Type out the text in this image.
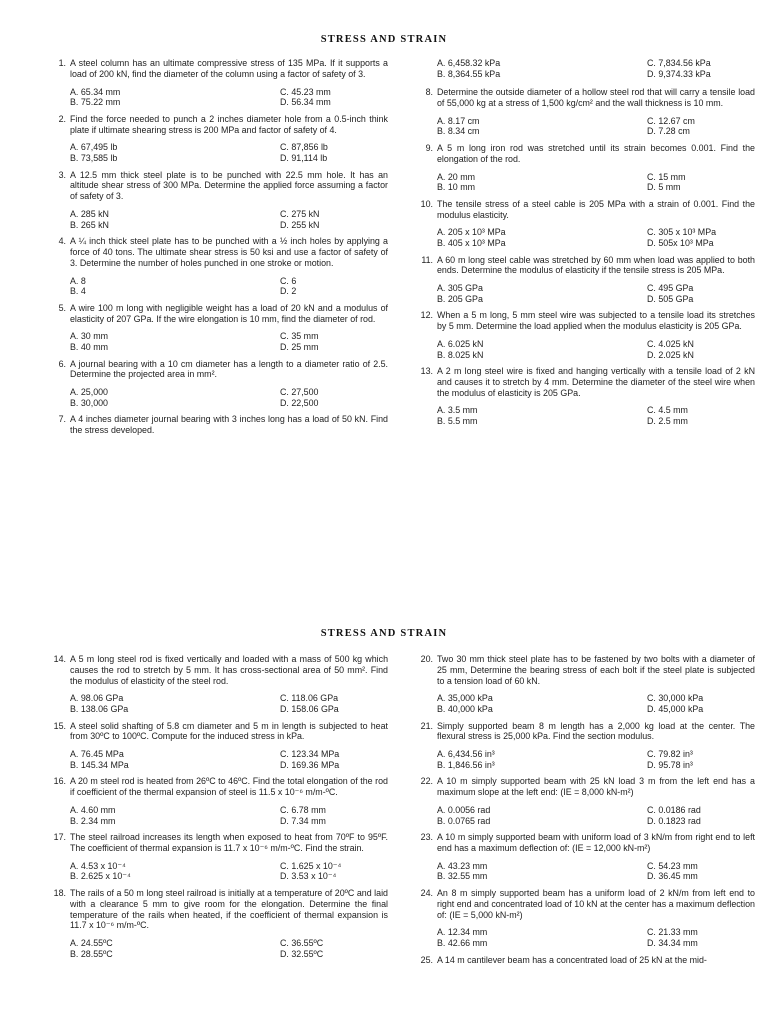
STRESS AND STRAIN
1. A steel column has an ultimate compressive stress of 135 MPa. If it supports a load of 200 kN, find the diameter of the column using a factor of safety of 3.
A. 65.34 mm	C. 45.23 mm
B. 75.22 mm	D. 56.34 mm
2. Find the force needed to punch a 2 inches diameter hole from a 0.5-inch think plate if ultimate shearing stress is 200 MPa and factor of safety of 4.
A. 67,495 lb	C. 87,856 lb
B. 73,585 lb	D. 91,114 lb
3. A 12.5 mm thick steel plate is to be punched with 22.5 mm hole. It has an altitude shear stress of 300 MPa. Determine the applied force assuming a factor of safety of 3.
A. 285 kN	C. 275 kN
B. 265 kN	D. 255 kN
4. A ¼ inch thick steel plate has to be punched with a ½ inch holes by applying a force of 40 tons. The ultimate shear stress is 50 ksi and use a factor of safety of 3. Determine the number of holes punched in one stroke or motion.
A. 8	C. 6
B. 4	D. 2
5. A wire 100 m long with negligible weight has a load of 20 kN and a modulus of elasticity of 207 GPa. If the wire elongation is 10 mm, find the diameter of rod.
A. 30 mm	C. 35 mm
B. 40 mm	D. 25 mm
6. A journal bearing with a 10 cm diameter has a length to a diameter ratio of 2.5. Determine the projected area in mm².
A. 25,000	C. 27,500
B. 30,000	D. 22,500
7. A 4 inches diameter journal bearing with 3 inches long has a load of 50 kN. Find the stress developed.
A. 6,458.32 kPa	C. 7,834.56 kPa
B. 8,364.55 kPa	D. 9,374.33 kPa
8. Determine the outside diameter of a hollow steel rod that will carry a tensile load of 55,000 kg at a stress of 1,500 kg/cm² and the wall thickness is 10 mm.
A. 8.17 cm	C. 12.67 cm
B. 8.34 cm	D. 7.28 cm
9. A 5 m long iron rod was stretched until its strain becomes 0.001. Find the elongation of the rod.
A. 20 mm	C. 15 mm
B. 10 mm	D. 5 mm
10. The tensile stress of a steel cable is 205 MPa with a strain of 0.001. Find the modulus elasticity.
A. 205 x 10³ MPa	C. 305 x 10³ MPa
B. 405 x 10³ MPa	D. 505x 10³ MPa
11. A 60 m long steel cable was stretched by 60 mm when load was applied to both ends. Determine the modulus of elasticity if the tensile stress is 205 MPa.
A. 305 GPa	C. 495 GPa
B. 205 GPa	D. 505 GPa
12. When a 5 m long, 5 mm steel wire was subjected to a tensile load its stretches by 5 mm. Determine the load applied when the modulus elasticity is 205 GPa.
A. 6.025 kN	C. 4.025 kN
B. 8.025 kN	D. 2.025 kN
13. A 2 m long steel wire is fixed and hanging vertically with a tensile load of 2 kN and causes it to stretch by 4 mm. Determine the diameter of the steel wire when the modulus of elasticity is 205 GPa.
A. 3.5 mm	C. 4.5 mm
B. 5.5 mm	D. 2.5 mm
STRESS AND STRAIN
14. A 5 m long steel rod is fixed vertically and loaded with a mass of 500 kg which causes the rod to stretch by 5 mm. It has cross-sectional area of 50 mm². Find the modulus of elasticity of the steel rod.
A. 98.06 GPa	C. 118.06 GPa
B. 138.06 GPa	D. 158.06 GPa
15. A steel solid shafting of 5.8 cm diameter and 5 m in length is subjected to heat from 30ºC to 100ºC. Compute for the induced stress in kPa.
A. 76.45 MPa	C. 123.34 MPa
B. 145.34 MPa	D. 169.36 MPa
16. A 20 m steel rod is heated from 26ºC to 46ºC. Find the total elongation of the rod if coefficient of the thermal expansion of steel is 11.5 x 10⁻⁶ m/m-ºC.
A. 4.60 mm	C. 6.78 mm
B. 2.34 mm	D. 7.34 mm
17. The steel railroad increases its length when exposed to heat from 70ºF to 95ºF. The coefficient of thermal expansion is 11.7 x 10⁻⁶ m/m-ºC. Find the strain.
A. 4.53 x 10⁻⁴	C. 1.625 x 10⁻⁴
B. 2.625 x 10⁻⁴	D. 3.53 x 10⁻⁴
18. The rails of a 50 m long steel railroad is initially at a temperature of 20ºC and laid with a clearance 5 mm to give room for the elongation. Determine the final temperature of the rails when heated, if the coefficient of thermal expansion is 11.7 x 10⁻⁶ m/m-ºC.
A. 24.55ºC	C. 36.55ºC
B. 28.55ºC	D. 32.55ºC
20. Two 30 mm thick steel plate has to be fastened by two bolts with a diameter of 25 mm, Determine the bearing stress of each bolt if the steel plate is subjected to a tension load of 60 kN.
A. 35,000 kPa	C. 30,000 kPa
B. 40,000 kPa	D. 45,000 kPa
21. Simply supported beam 8 m length has a 2,000 kg load at the center. The flexural stress is 25,000 kPa. Find the section modulus.
A. 6,434.56 in³	C. 79.82 in³
B. 1,846.56 in³	D. 95.78 in³
22. A 10 m simply supported beam with 25 kN load 3 m from the left end has a maximum slope at the left end: (IE = 8,000 kN-m²)
A. 0.0056 rad	C. 0.0186 rad
B. 0.0765 rad	D. 0.1823 rad
23. A 10 m simply supported beam with uniform load of 3 kN/m from right end to left end has a maximum deflection of: (IE = 12,000 kN-m²)
A. 43.23 mm	C. 54.23 mm
B. 32.55 mm	D. 36.45 mm
24. An 8 m simply supported beam has a uniform load of 2 kN/m from left end to right end and concentrated load of 10 kN at the center has a maximum deflection of: (IE = 5,000 kN-m²)
A. 12.34 mm	C. 21.33 mm
B. 42.66 mm	D. 34.34 mm
25. A 14 m cantilever beam has a concentrated load of 25 kN at the mid-
